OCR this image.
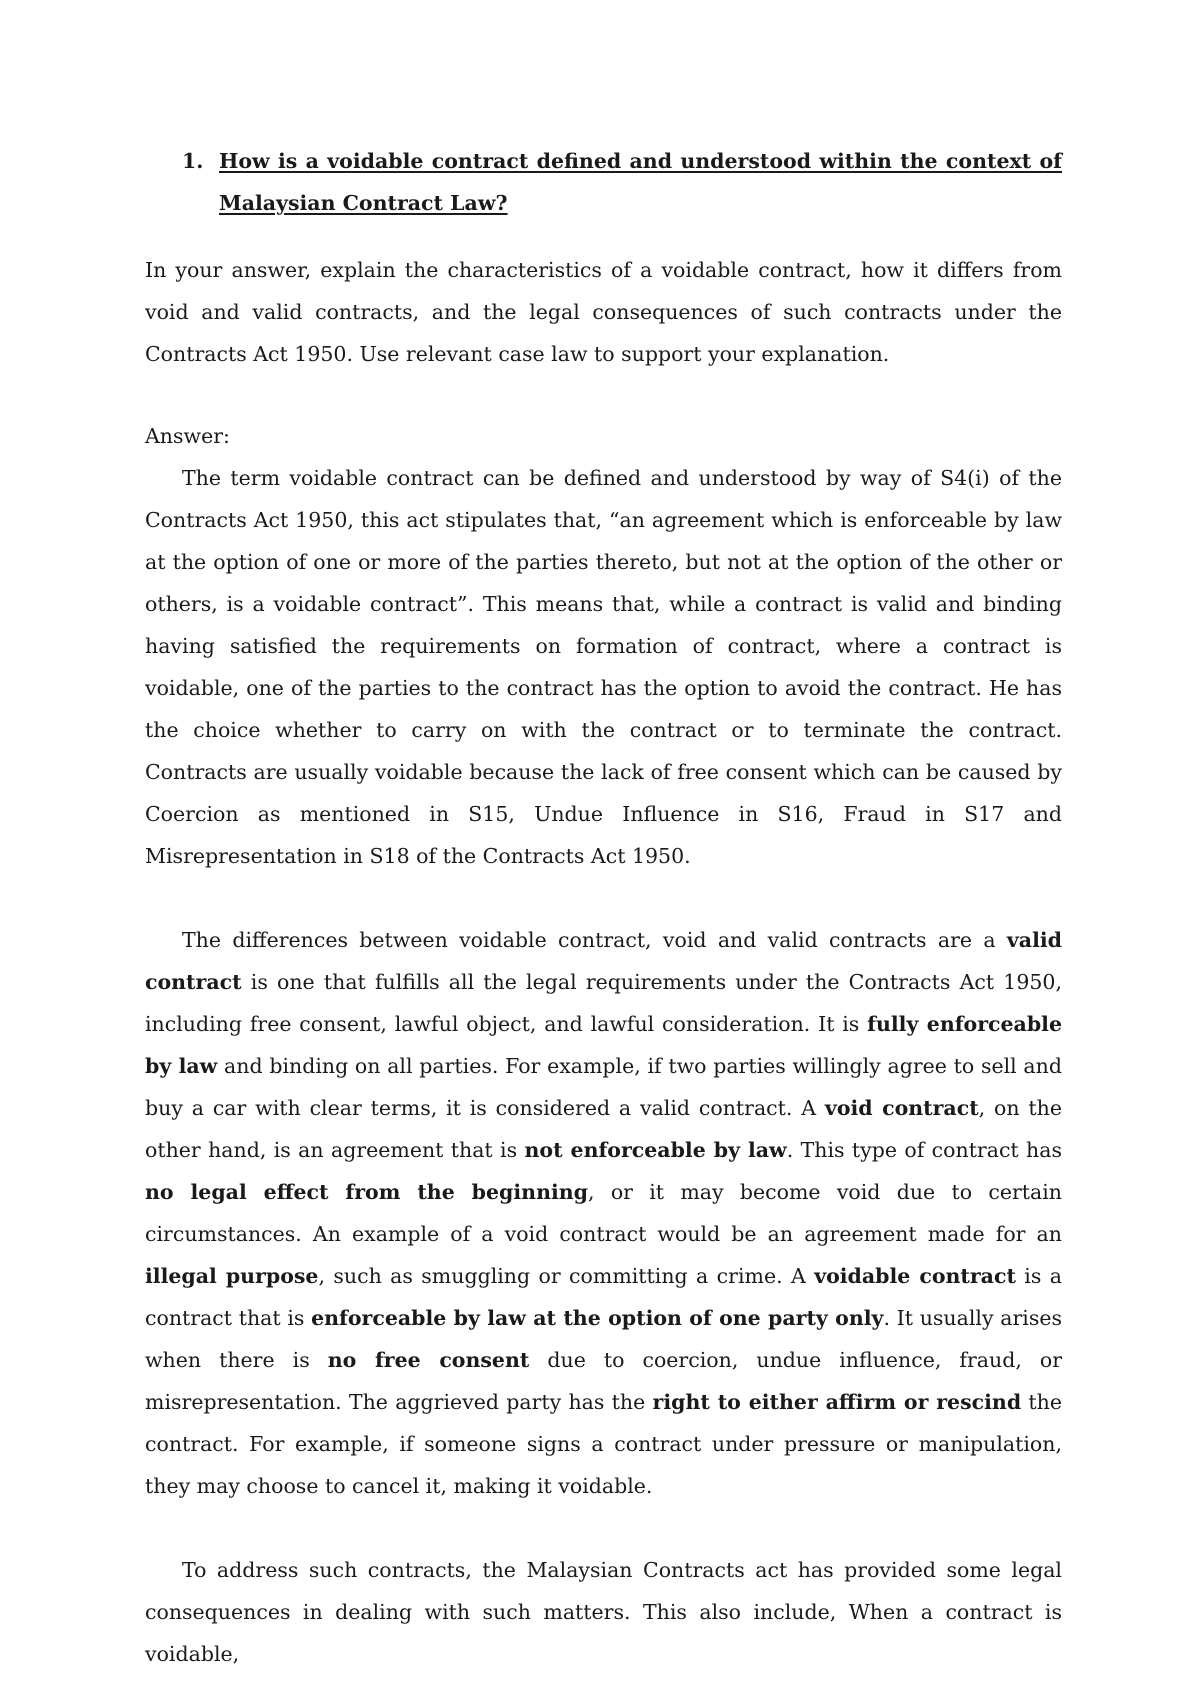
1. How is a voidable contract defined and understood within the context of Malaysian Contract Law?

In your answer, explain the characteristics of a voidable contract, how it differs from void and valid contracts, and the legal consequences of such contracts under the Contracts Act 1950. Use relevant case law to support your explanation.

Answer:

The term voidable contract can be defined and understood by way of S4(i) of the Contracts Act 1950, this act stipulates that, “an agreement which is enforceable by law at the option of one or more of the parties thereto, but not at the option of the other or others, is a voidable contract”. This means that, while a contract is valid and binding having satisfied the requirements on formation of contract, where a contract is voidable, one of the parties to the contract has the option to avoid the contract. He has the choice whether to carry on with the contract or to terminate the contract. Contracts are usually voidable because the lack of free consent which can be caused by Coercion as mentioned in S15, Undue Influence in S16, Fraud in S17 and Misrepresentation in S18 of the Contracts Act 1950.

The differences between voidable contract, void and valid contracts are a valid contract is one that fulfills all the legal requirements under the Contracts Act 1950, including free consent, lawful object, and lawful consideration. It is fully enforceable by law and binding on all parties. For example, if two parties willingly agree to sell and buy a car with clear terms, it is considered a valid contract. A void contract, on the other hand, is an agreement that is not enforceable by law. This type of contract has no legal effect from the beginning, or it may become void due to certain circumstances. An example of a void contract would be an agreement made for an illegal purpose, such as smuggling or committing a crime. A voidable contract is a contract that is enforceable by law at the option of one party only. It usually arises when there is no free consent due to coercion, undue influence, fraud, or misrepresentation. The aggrieved party has the right to either affirm or rescind the contract. For example, if someone signs a contract under pressure or manipulation, they may choose to cancel it, making it voidable.

To address such contracts, the Malaysian Contracts act has provided some legal consequences in dealing with such matters. This also include, When a contract is voidable,
